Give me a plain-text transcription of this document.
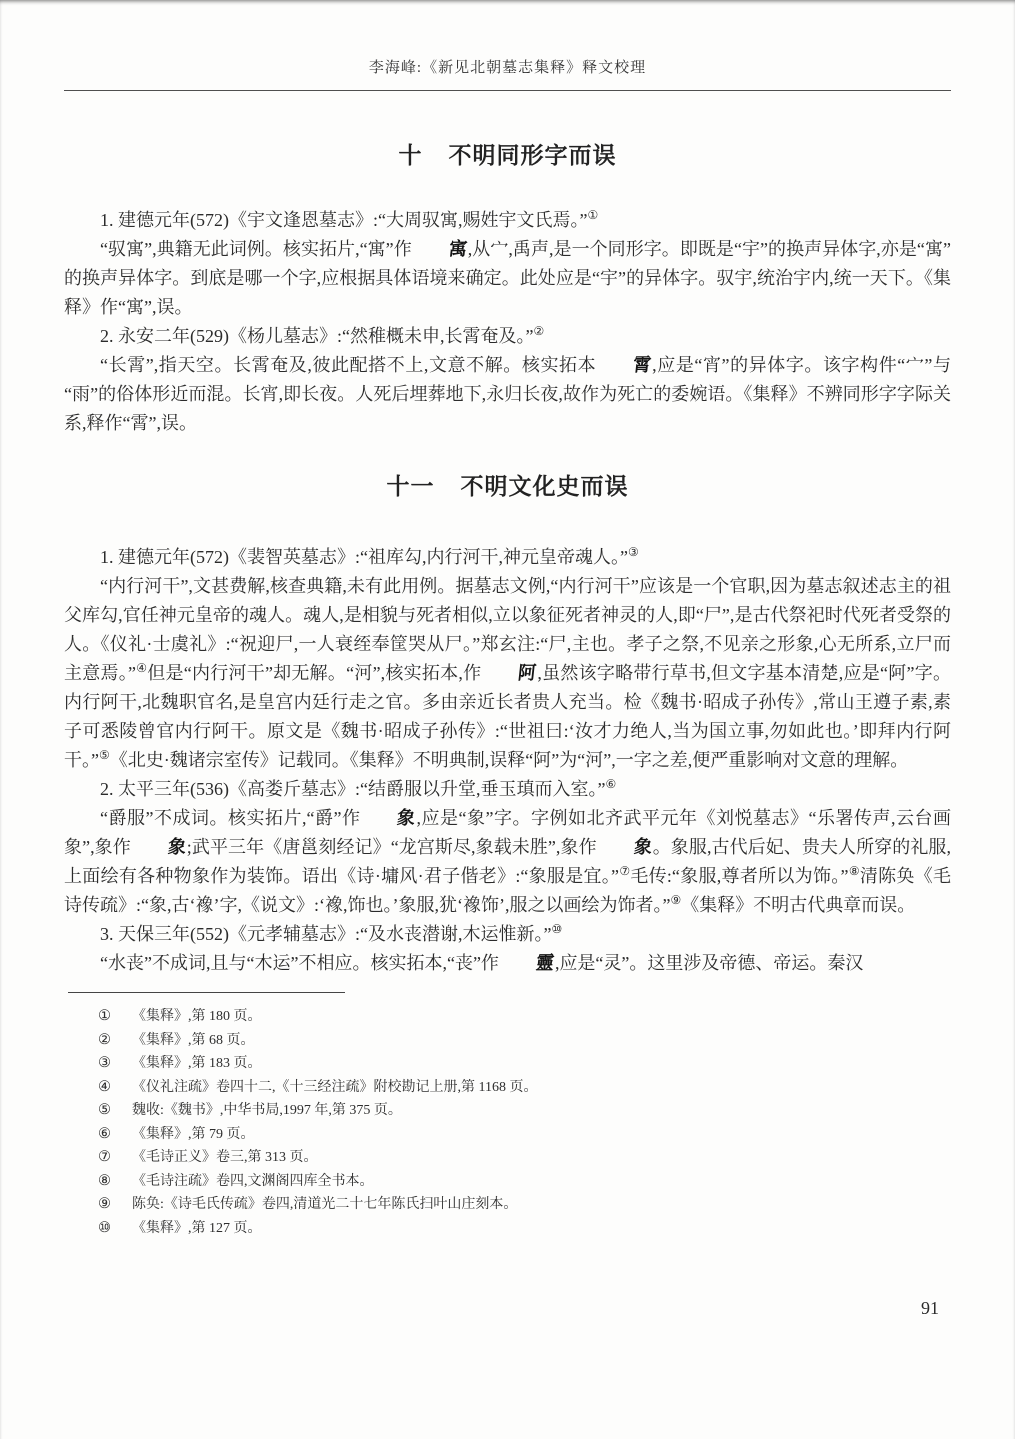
李海峰:《新见北朝墓志集释》释文校理
十 不明同形字而误
1. 建德元年(572)《宇文逢恩墓志》:“大周驭寓,赐姓宇文氏焉。”①
“驭寓”,典籍无此词例。核实拓片,“寓”作 㝢,从宀,禹声,是一个同形字。即既是“宇”的换声异体字,亦是“寓”的换声异体字。到底是哪一个字,应根据具体语境来确定。此处应是“宇”的异体字。驭宇,统治宇内,统一天下。《集释》作“寓”,误。
2. 永安二年(529)《杨儿墓志》:“然稚概未申,长霄奄及。”②
“长霄”,指天空。长霄奄及,彼此配搭不上,文意不解。核实拓本 霄,应是“宵”的异体字。该字构件“宀”与“雨”的俗体形近而混。长宵,即长夜。人死后埋葬地下,永归长夜,故作为死亡的委婉语。《集释》不辨同形字字际关系,释作“霄”,误。
十一 不明文化史而误
1. 建德元年(572)《裴智英墓志》:“祖库勾,内行河干,神元皇帝魂人。”③
“内行河干”,文甚费解,核查典籍,未有此用例。据墓志文例,“内行河干”应该是一个官职,因为墓志叙述志主的祖父库勾,官任神元皇帝的魂人。魂人,是相貌与死者相似,立以象征死者神灵的人,即“尸”,是古代祭祀时代死者受祭的人。《仪礼·士虞礼》:“祝迎尸,一人衰绖奉筐哭从尸。”郑玄注:“尸,主也。孝子之祭,不见亲之形象,心无所系,立尸而主意焉。”④但是“内行河干”却无解。“河”,核实拓本,作 阿,虽然该字略带行草书,但文字基本清楚,应是“阿”字。内行阿干,北魏职官名,是皇宫内廷行走之官。多由亲近长者贵人充当。检《魏书·昭成子孙传》,常山王遵子素,素子可悉陵曾官内行阿干。原文是《魏书·昭成子孙传》:“世祖曰:‘汝才力绝人,当为国立事,勿如此也。’即拜内行阿干。”⑤《北史·魏诸宗室传》记载同。《集释》不明典制,误释“阿”为“河”,一字之差,便严重影响对文意的理解。
2. 太平三年(536)《高娄斤墓志》:“结爵服以升堂,垂玉瑱而入室。”⑥
“爵服”不成词。核实拓片,“爵”作 象,应是“象”字。字例如北齐武平元年《刘悦墓志》“乐署传声,云台画象”,象作 象;武平三年《唐邕刻经记》“龙宫斯尽,象载未胜”,象作 象。象服,古代后妃、贵夫人所穿的礼服,上面绘有各种物象作为装饰。语出《诗·墉风·君子偕老》:“象服是宜。”⑦毛传:“象服,尊者所以为饰。”⑧清陈奂《毛诗传疏》:“象,古‘襐’字,《说文》:‘襐,饰也。’象服,犹‘襐饰’,服之以画绘为饰者。”⑨《集释》不明古代典章而误。
3. 天保三年(552)《元孝辅墓志》:“及水丧潜谢,木运惟新。”⑩
“水丧”不成词,且与“木运”不相应。核实拓本,“丧”作 靈,应是“灵”。这里涉及帝德、帝运。秦汉
①	《集释》,第 180 页。
②	《集释》,第 68 页。
③	《集释》,第 183 页。
④	《仪礼注疏》卷四十二,《十三经注疏》附校勘记上册,第 1168 页。
⑤	魏收:《魏书》,中华书局,1997 年,第 375 页。
⑥	《集释》,第 79 页。
⑦	《毛诗正义》卷三,第 313 页。
⑧	《毛诗注疏》卷四,文渊阁四库全书本。
⑨	陈奂:《诗毛氏传疏》卷四,清道光二十七年陈氏扫叶山庄刻本。
⑩	《集释》,第 127 页。
91
